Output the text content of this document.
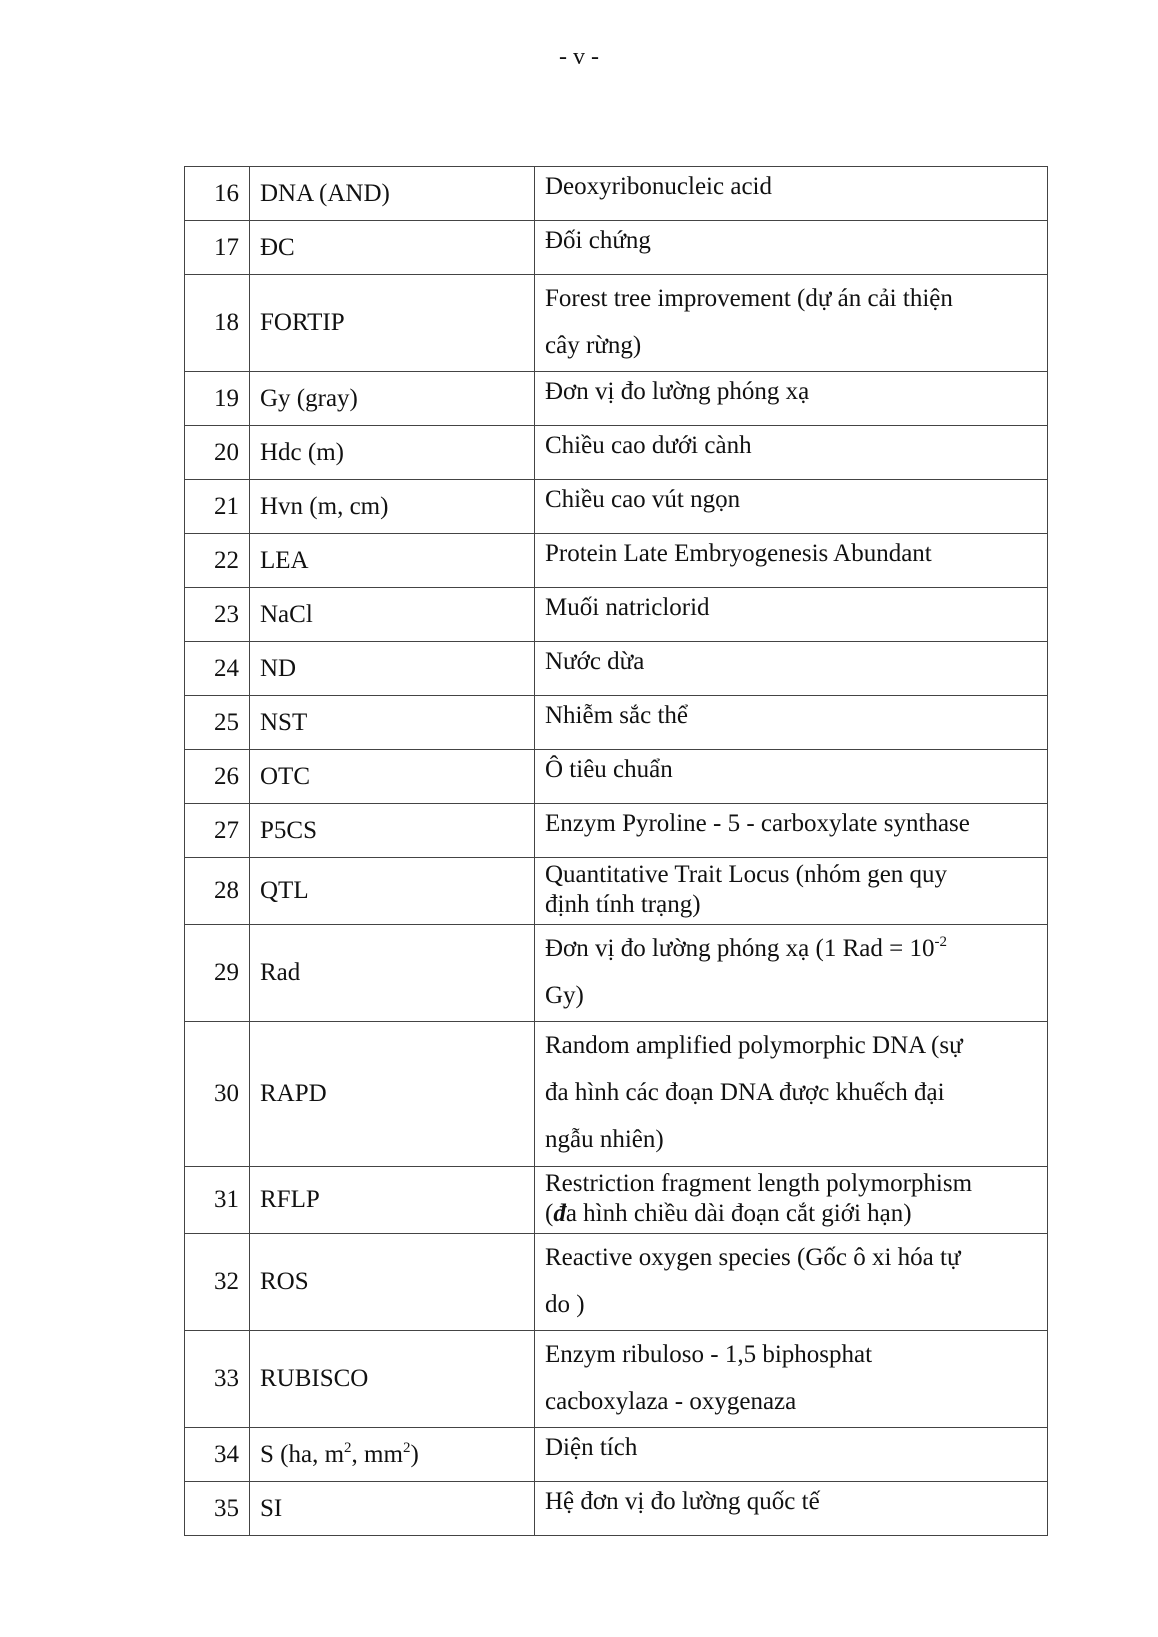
- v -
16	DNA (AND)	Deoxyribonucleic acid
17	ĐC	Đối chứng
18	FORTIP	Forest tree improvement (dự án cải thiện
cây rừng)
19	Gy (gray)	Đơn vị đo lường phóng xạ
20	Hdc (m)	Chiều cao dưới cành
21	Hvn (m, cm)	Chiều cao vút ngọn
22	LEA	Protein Late Embryogenesis Abundant
23	NaCl	Muối natriclorid
24	ND	Nước dừa
25	NST	Nhiễm sắc thể
26	OTC	Ô tiêu chuẩn
27	P5CS	Enzym Pyroline - 5 - carboxylate synthase
28	QTL	Quantitative Trait Locus (nhóm gen quy
định tính trạng)
29	Rad	Đơn vị đo lường phóng xạ (1 Rad = $10^{-2}$
Gy)
30	RAPD	Random amplified polymorphic DNA (sự
đa hình các đoạn DNA được khuếch đại
ngẫu nhiên)
31	RFLP	Restriction fragment length polymorphism
(đa hình chiều dài đoạn cắt giới hạn)
32	ROS	Reactive oxygen species (Gốc ô xi hóa tự
do )
33	RUBISCO	Enzym ribuloso - 1,5 biphosphat
cacboxylaza - oxygenaza
34	S (ha, $m^2$, $mm^2$)	Diện tích
35	SI	Hệ đơn vị đo lường quốc tế
